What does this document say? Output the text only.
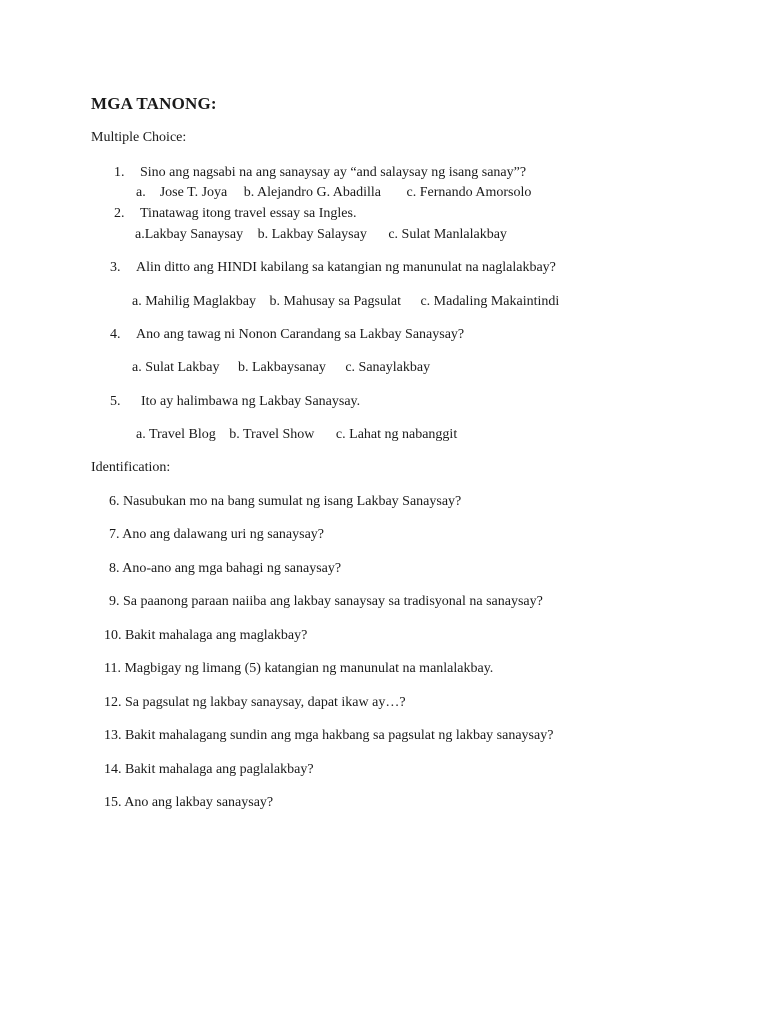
MGA TANONG:
Multiple Choice:
1. Sino ang nagsabi na ang sanaysay ay “and salaysay ng isang sanay”?
a.    Jose T. Joya b. Alejandro G. Abadilla c. Fernando Amorsolo
2. Tinatawag itong travel essay sa Ingles.
a.Lakbay Sanaysay b. Lakbay Salaysay c. Sulat Manlalakbay
3. Alin ditto ang HINDI kabilang sa katangian ng manunulat na naglalakbay?
a. Mahilig Maglakbay b. Mahusay sa Pagsulat c. Madaling Makaintindi
4. Ano ang tawag ni Nonon Carandang sa Lakbay Sanaysay?
a. Sulat Lakbay b. Lakbaysanay c. Sanaylakbay
5. Ito ay halimbawa ng Lakbay Sanaysay.
a. Travel Blog b. Travel Show c. Lahat ng nabanggit
Identification:
6. Nasubukan mo na bang sumulat ng isang Lakbay Sanaysay?
7. Ano ang dalawang uri ng sanaysay?
8. Ano-ano ang mga bahagi ng sanaysay?
9. Sa paanong paraan naiiba ang lakbay sanaysay sa tradisyonal na sanaysay?
10. Bakit mahalaga ang maglakbay?
11. Magbigay ng limang (5) katangian ng manunulat na manlalakbay.
12. Sa pagsulat ng lakbay sanaysay, dapat ikaw ay…?
13. Bakit mahalagang sundin ang mga hakbang sa pagsulat ng lakbay sanaysay?
14. Bakit mahalaga ang paglalakbay?
15. Ano ang lakbay sanaysay?
